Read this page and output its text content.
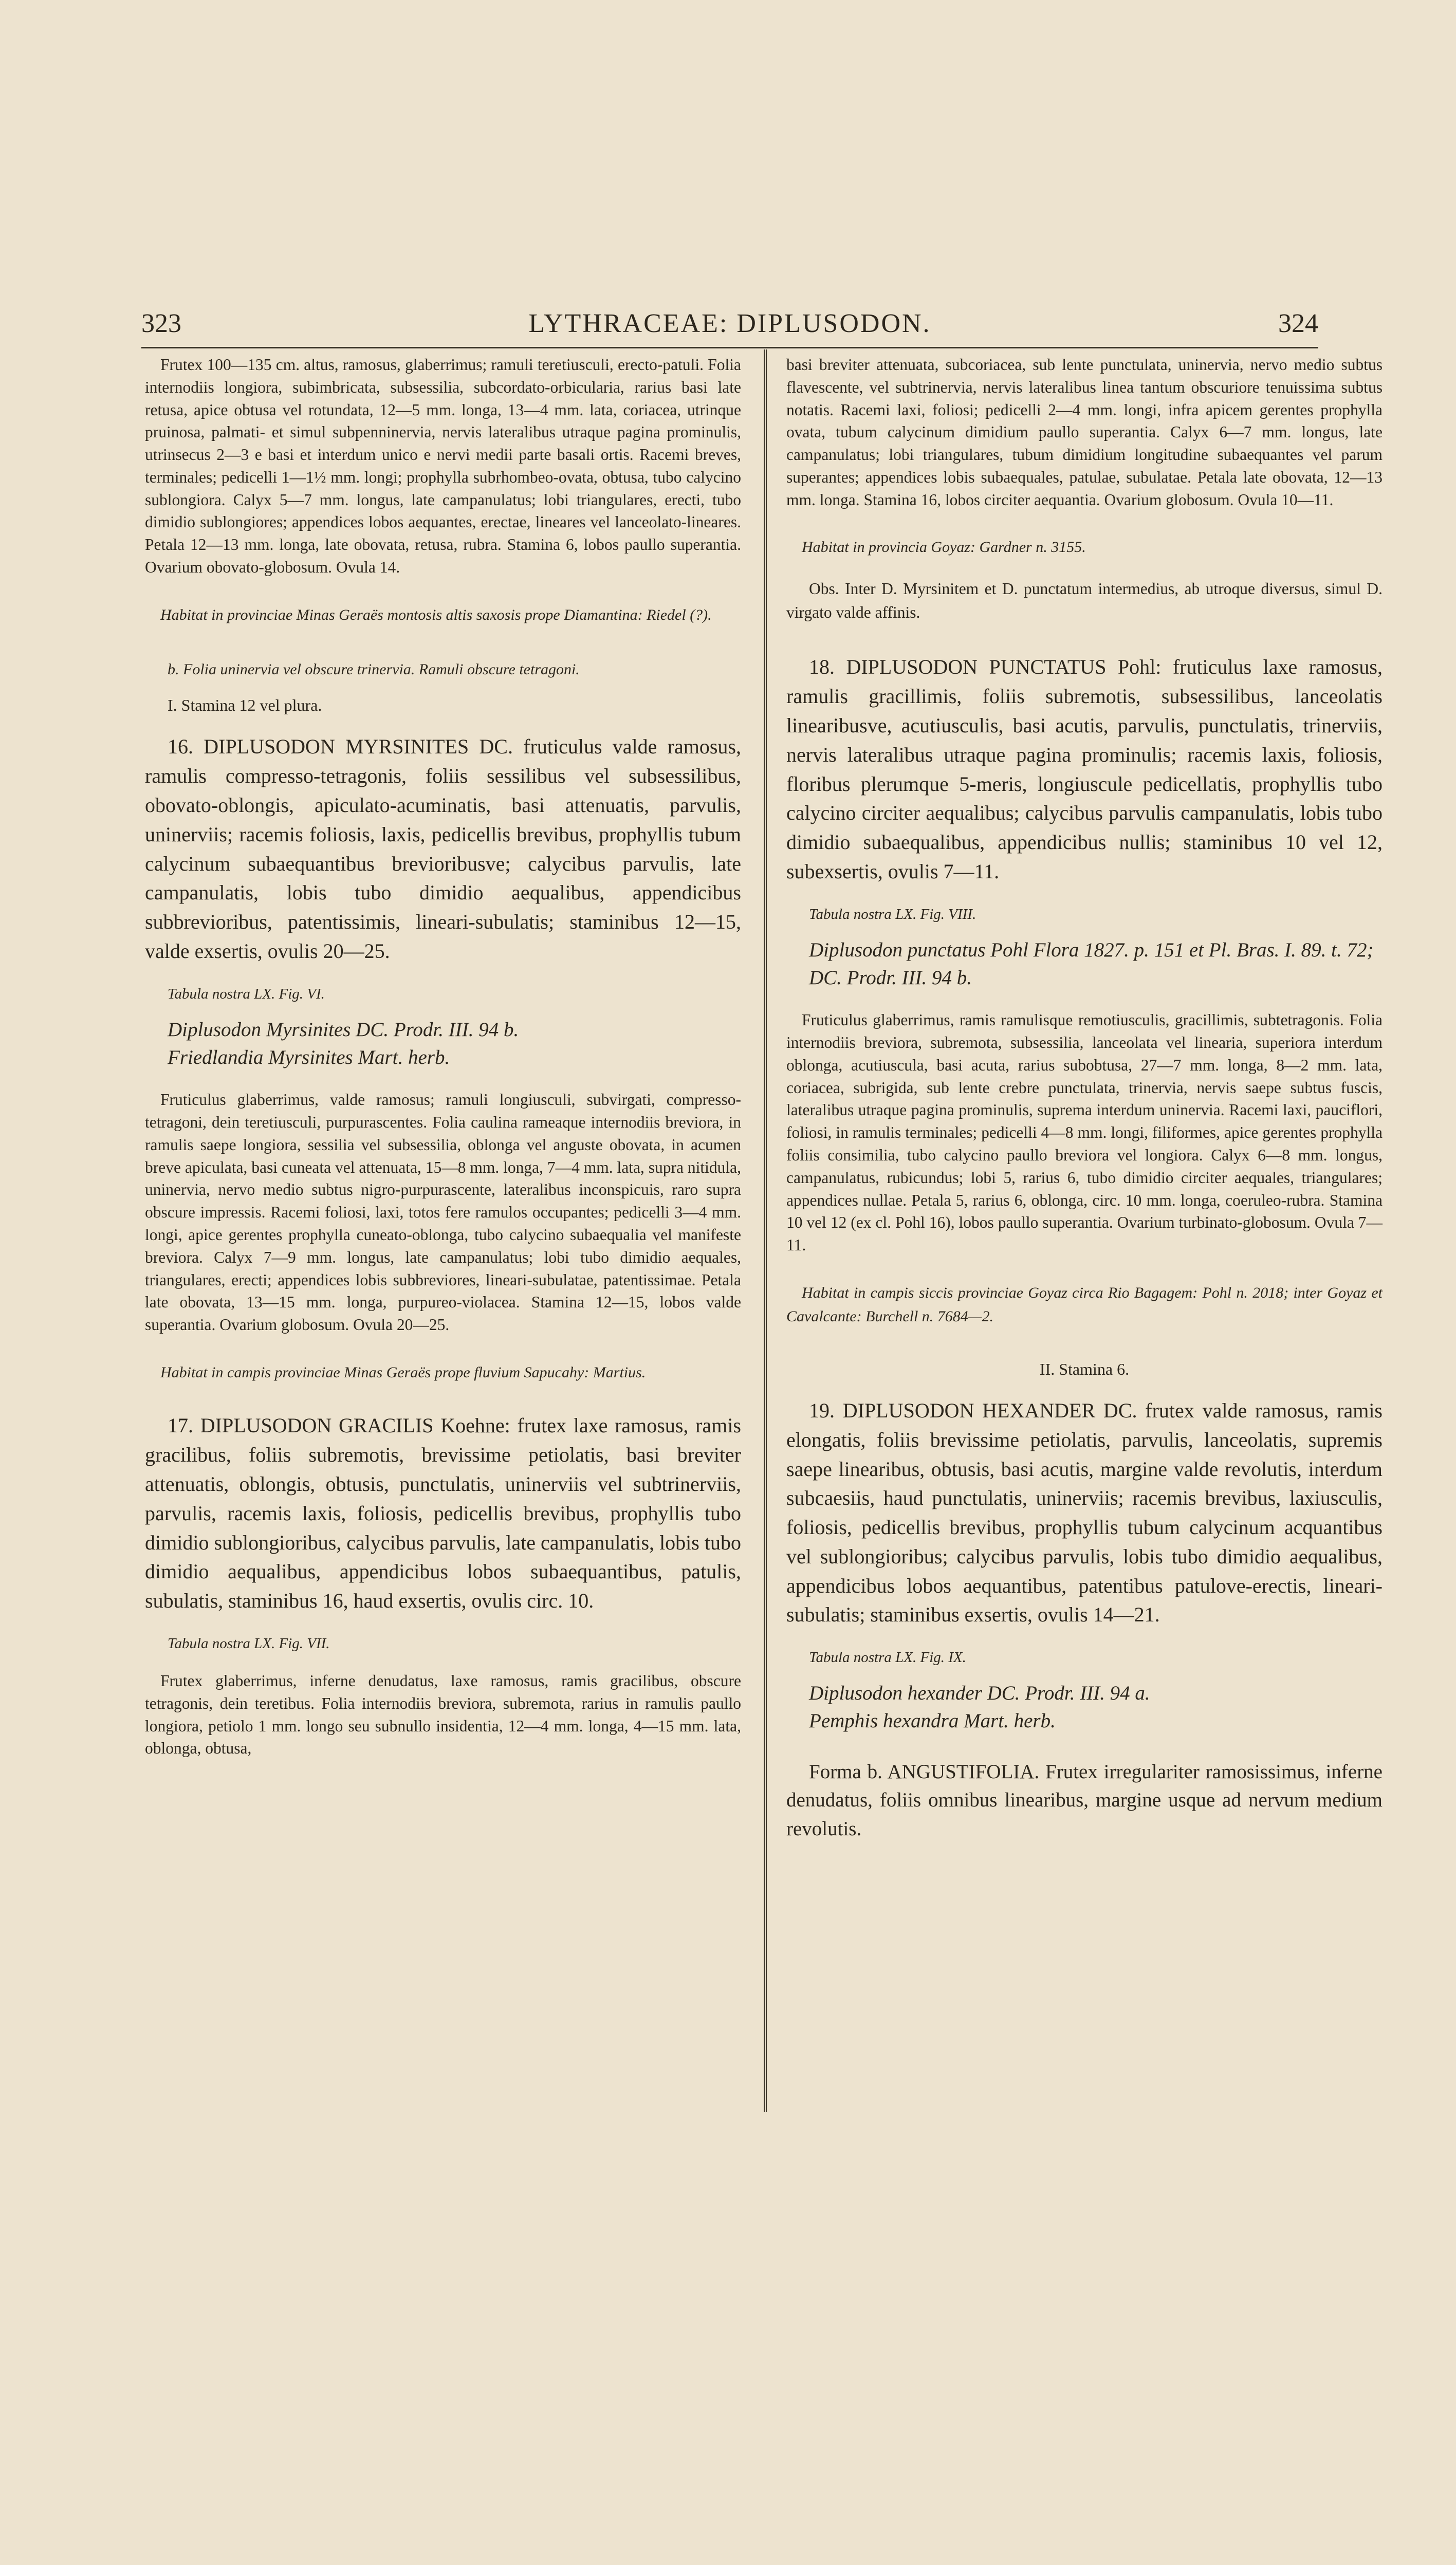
323	LYTHRACEAE: DIPLUSODON.	324

Frutex 100—135 cm. altus, ramosus, glaberrimus; ramuli teretiusculi, erecto-patuli. Folia internodiis longiora, subimbricata, subsessilia, subcordato-orbicularia, rarius basi late retusa, apice obtusa vel rotundata, 12—5 mm. longa, 13—4 mm. lata, coriacea, utrinque pruinosa, palmati- et simul subpenninervia, nervis lateralibus utraque pagina prominulis, utrinsecus 2—3 e basi et interdum unico e nervi medii parte basali ortis. Racemi breves, terminales; pedicelli 1—1½ mm. longi; prophylla subrhombeo-ovata, obtusa, tubo calycino sublongiora. Calyx 5—7 mm. longus, late campanulatus; lobi triangulares, erecti, tubo dimidio sublongiores; appendices lobos aequantes, erectae, lineares vel lanceolato-lineares. Petala 12—13 mm. longa, late obovata, retusa, rubra. Stamina 6, lobos paullo superantia. Ovarium obovato-globosum. Ovula 14.

Habitat in provinciae Minas Geraës montosis altis saxosis prope Diamantina: Riedel (?).

b. Folia uninervia vel obscure trinervia. Ramuli obscure tetragoni.

I. Stamina 12 vel plura.

16. DIPLUSODON MYRSINITES DC. fruticulus valde ramosus, ramulis compresso-tetragonis, foliis sessilibus vel subsessilibus, obovato-oblongis, apiculato-acuminatis, basi attenuatis, parvulis, uninerviis; racemis foliosis, laxis, pedicellis brevibus, prophyllis tubum calycinum subaequantibus brevioribusve; calycibus parvulis, late campanulatis, lobis tubo dimidio aequalibus, appendicibus subbrevioribus, patentissimis, lineari-subulatis; staminibus 12—15, valde exsertis, ovulis 20—25.

Tabula nostra LX. Fig. VI.

Diplusodon Myrsinites DC. Prodr. III. 94 b.
Friedlandia Myrsinites Mart. herb.

Fruticulus glaberrimus, valde ramosus; ramuli longiusculi, subvirgati, compresso-tetragoni, dein teretiusculi, purpurascentes. Folia caulina rameaque internodiis breviora, in ramulis saepe longiora, sessilia vel subsessilia, oblonga vel anguste obovata, in acumen breve apiculata, basi cuneata vel attenuata, 15—8 mm. longa, 7—4 mm. lata, supra nitidula, uninervia, nervo medio subtus nigro-purpurascente, lateralibus inconspicuis, raro supra obscure impressis. Racemi foliosi, laxi, totos fere ramulos occupantes; pedicelli 3—4 mm. longi, apice gerentes prophylla cuneato-oblonga, tubo calycino subaequalia vel manifeste breviora. Calyx 7—9 mm. longus, late campanulatus; lobi tubo dimidio aequales, triangulares, erecti; appendices lobis subbreviores, lineari-subulatae, patentissimae. Petala late obovata, 13—15 mm. longa, purpureo-violacea. Stamina 12—15, lobos valde superantia. Ovarium globosum. Ovula 20—25.

Habitat in campis provinciae Minas Geraës prope fluvium Sapucahy: Martius.

17. DIPLUSODON GRACILIS Koehne: frutex laxe ramosus, ramis gracilibus, foliis subremotis, brevissime petiolatis, basi breviter attenuatis, oblongis, obtusis, punctulatis, uninerviis vel subtrinerviis, parvulis, racemis laxis, foliosis, pedicellis brevibus, prophyllis tubo dimidio sublongioribus, calycibus parvulis, late campanulatis, lobis tubo dimidio aequalibus, appendicibus lobos subaequantibus, patulis, subulatis, staminibus 16, haud exsertis, ovulis circ. 10.

Tabula nostra LX. Fig. VII.

Frutex glaberrimus, inferne denudatus, laxe ramosus, ramis gracilibus, obscure tetragonis, dein teretibus. Folia internodiis breviora, subremota, rarius in ramulis paullo longiora, petiolo 1 mm. longo seu subnullo insidentia, 12—4 mm. longa, 4—15 mm. lata, oblonga, obtusa,

basi breviter attenuata, subcoriacea, sub lente punctulata, uninervia, nervo medio subtus flavescente, vel subtrinervia, nervis lateralibus linea tantum obscuriore tenuissima subtus notatis. Racemi laxi, foliosi; pedicelli 2—4 mm. longi, infra apicem gerentes prophylla ovata, tubum calycinum dimidium paullo superantia. Calyx 6—7 mm. longus, late campanulatus; lobi triangulares, tubum dimidium longitudine subaequantes vel parum superantes; appendices lobis subaequales, patulae, subulatae. Petala late obovata, 12—13 mm. longa. Stamina 16, lobos circiter aequantia. Ovarium globosum. Ovula 10—11.

Habitat in provincia Goyaz: Gardner n. 3155.

Obs. Inter D. Myrsinitem et D. punctatum intermedius, ab utroque diversus, simul D. virgato valde affinis.

18. DIPLUSODON PUNCTATUS Pohl: fruticulus laxe ramosus, ramulis gracillimis, foliis subremotis, subsessilibus, lanceolatis linearibusve, acutiusculis, basi acutis, parvulis, punctulatis, trinerviis, nervis lateralibus utraque pagina prominulis; racemis laxis, foliosis, floribus plerumque 5-meris, longiuscule pedicellatis, prophyllis tubo calycino circiter aequalibus; calycibus parvulis campanulatis, lobis tubo dimidio subaequalibus, appendicibus nullis; staminibus 10 vel 12, subexsertis, ovulis 7—11.

Tabula nostra LX. Fig. VIII.

Diplusodon punctatus Pohl Flora 1827. p. 151 et Pl. Bras. I. 89. t. 72; DC. Prodr. III. 94 b.

Fruticulus glaberrimus, ramis ramulisque remotiusculis, gracillimis, subtetragonis. Folia internodiis breviora, subremota, subsessilia, lanceolata vel linearia, superiora interdum oblonga, acutiuscula, basi acuta, rarius subobtusa, 27—7 mm. longa, 8—2 mm. lata, coriacea, subrigida, sub lente crebre punctulata, trinervia, nervis saepe subtus fuscis, lateralibus utraque pagina prominulis, suprema interdum uninervia. Racemi laxi, pauciflori, foliosi, in ramulis terminales; pedicelli 4—8 mm. longi, filiformes, apice gerentes prophylla foliis consimilia, tubo calycino paullo breviora vel longiora. Calyx 6—8 mm. longus, campanulatus, rubicundus; lobi 5, rarius 6, tubo dimidio circiter aequales, triangulares; appendices nullae. Petala 5, rarius 6, oblonga, circ. 10 mm. longa, coeruleo-rubra. Stamina 10 vel 12 (ex cl. Pohl 16), lobos paullo superantia. Ovarium turbinato-globosum. Ovula 7—11.

Habitat in campis siccis provinciae Goyaz circa Rio Bagagem: Pohl n. 2018; inter Goyaz et Cavalcante: Burchell n. 7684—2.

II. Stamina 6.

19. DIPLUSODON HEXANDER DC. frutex valde ramosus, ramis elongatis, foliis brevissime petiolatis, parvulis, lanceolatis, supremis saepe linearibus, obtusis, basi acutis, margine valde revolutis, interdum subcaesiis, haud punctulatis, uninerviis; racemis brevibus, laxiusculis, foliosis, pedicellis brevibus, prophyllis tubum calycinum acquantibus vel sublongioribus; calycibus parvulis, lobis tubo dimidio aequalibus, appendicibus lobos aequantibus, patentibus patulove-erectis, lineari-subulatis; staminibus exsertis, ovulis 14—21.

Tabula nostra LX. Fig. IX.

Diplusodon hexander DC. Prodr. III. 94 a.
Pemphis hexandra Mart. herb.

Forma b. ANGUSTIFOLIA. Frutex irregulariter ramosissimus, inferne denudatus, foliis omnibus linearibus, margine usque ad nervum medium revolutis.
